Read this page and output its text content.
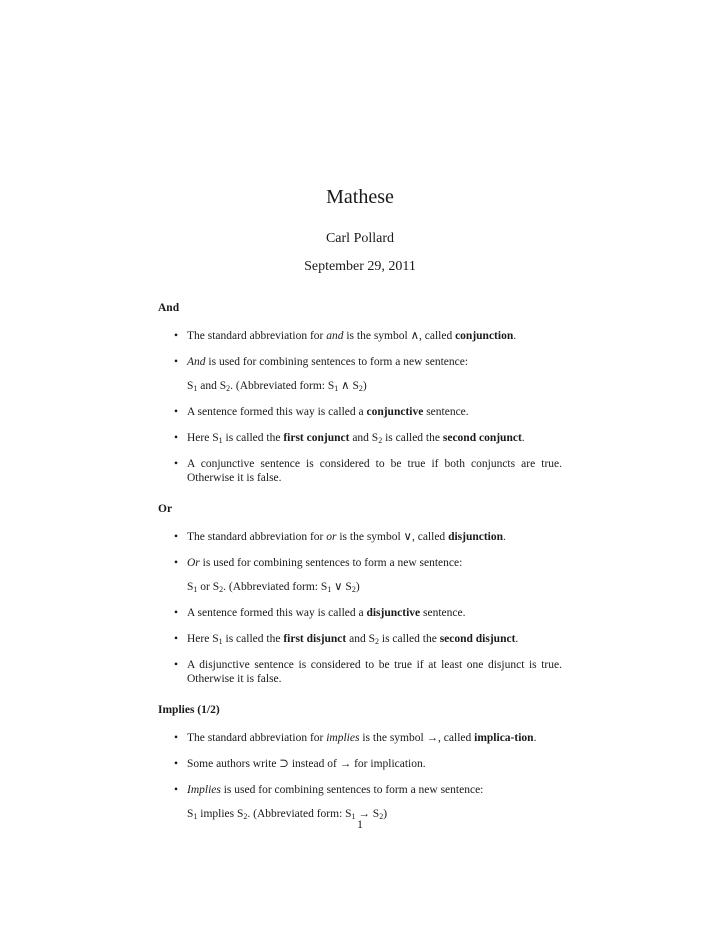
Mathese
Carl Pollard
September 29, 2011
And
• The standard abbreviation for and is the symbol ∧, called conjunction.
• And is used for combining sentences to form a new sentence:
$S_1$ and $S_2$. (Abbreviated form: $S_1$ ∧ $S_2$)
• A sentence formed this way is called a conjunctive sentence.
• Here $S_1$ is called the first conjunct and $S_2$ is called the second conjunct.
• A conjunctive sentence is considered to be true if both conjuncts are true. Otherwise it is false.
Or
• The standard abbreviation for or is the symbol ∨, called disjunction.
• Or is used for combining sentences to form a new sentence:
$S_1$ or $S_2$. (Abbreviated form: $S_1$ ∨ $S_2$)
• A sentence formed this way is called a disjunctive sentence.
• Here $S_1$ is called the first disjunct and $S_2$ is called the second disjunct.
• A disjunctive sentence is considered to be true if at least one disjunct is true. Otherwise it is false.
Implies (1/2)
• The standard abbreviation for implies is the symbol →, called implica-tion.
• Some authors write ⊃ instead of → for implication.
• Implies is used for combining sentences to form a new sentence:
$S_1$ implies $S_2$. (Abbreviated form: $S_1 \to S_2$)
1
